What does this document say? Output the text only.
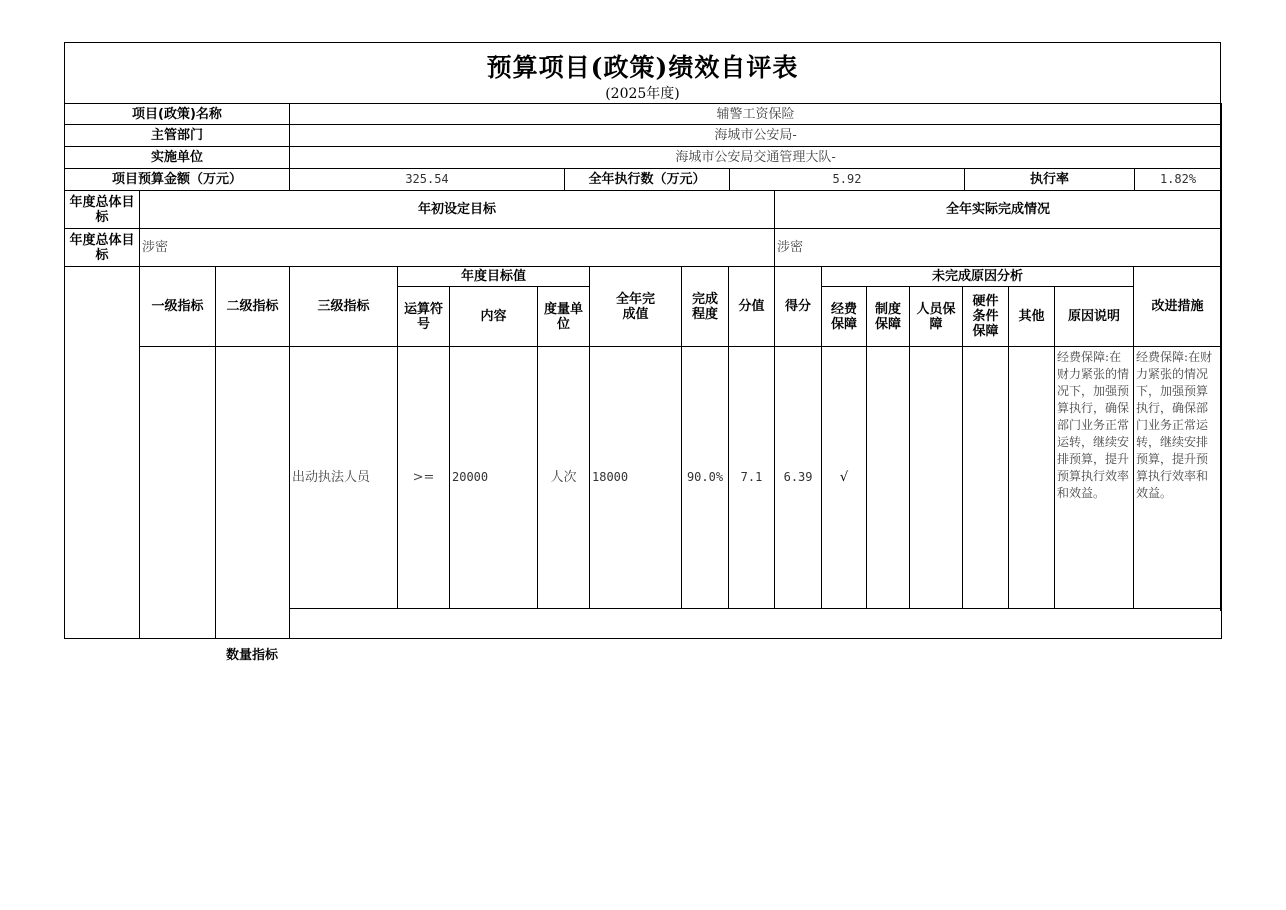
预算项目(政策)绩效自评表
(2025年度)
项目(政策)名称	辅警工资保险				
主管部门	海城市公安局-				
实施单位	海城市公安局交通管理大队-				
项目预算金额（万元）	325.54	全年执行数（万元）	5.92	执行率	1.82%
年度总体目标	年初设定目标									全年实际完成情况							
年度总体目标	涉密									涉密							
	一级指标	二级指标	三级指标	年度目标值			全年完成值	完成程度	分值	得分	未完成原因分析						改进措施
				运算符号	内容	度量单位					经费保障	制度保障	人员保障	硬件条件保障	其他	原因说明	
			出动执法人员	>=	20000	人次	18000	90.0%	7.1	6.39	√					经费保障:在财力紧张的情况下，加强预算执行，确保部门业务正常运转，继续安排预算，提升预算执行效率和效益。	经费保障:在财力紧张的情况下，加强预算执行，确保部门业务正常运转，继续安排预算，提升预算执行效率和效益。

数量指标
